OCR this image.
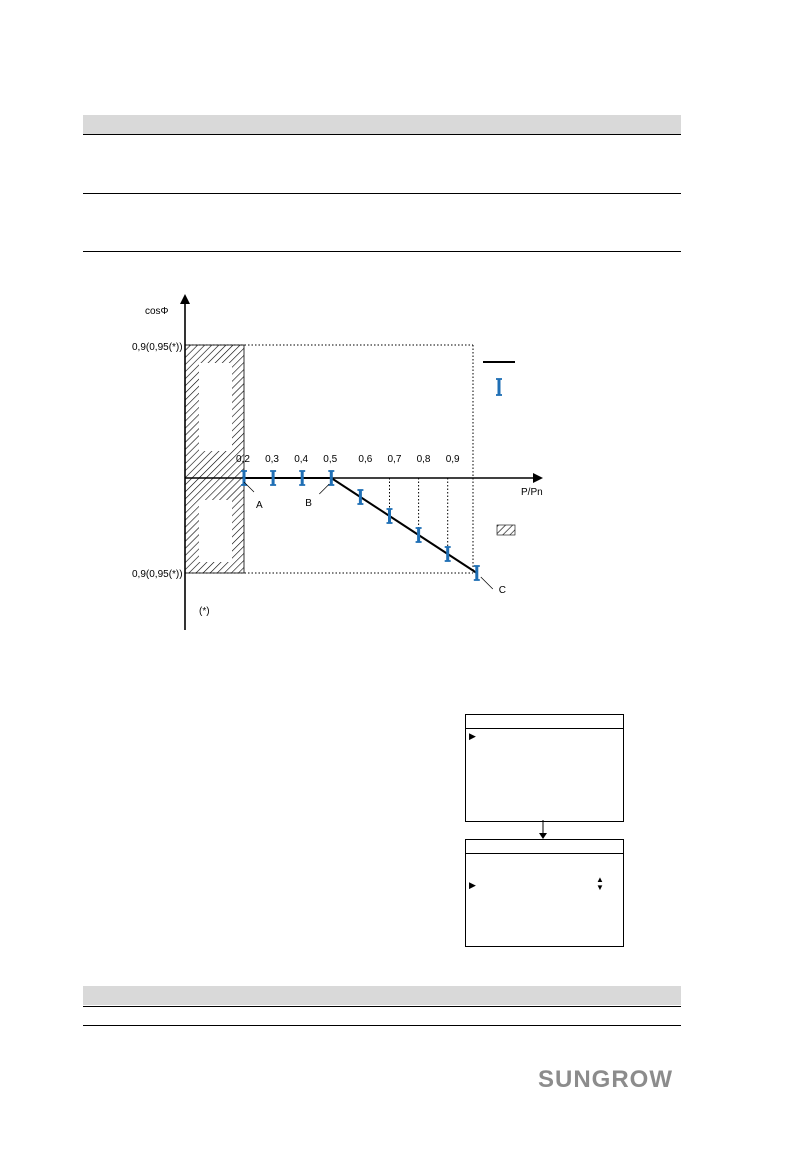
cosΦ
P/Pn
0,9(0,95(*))
0,9(0,95(*))
(*)
0,2 0,3 0,4 0,5 0,6 0,7 0,8 0,9
A	B
C
▶
▶
▲▼
SUNGROW
